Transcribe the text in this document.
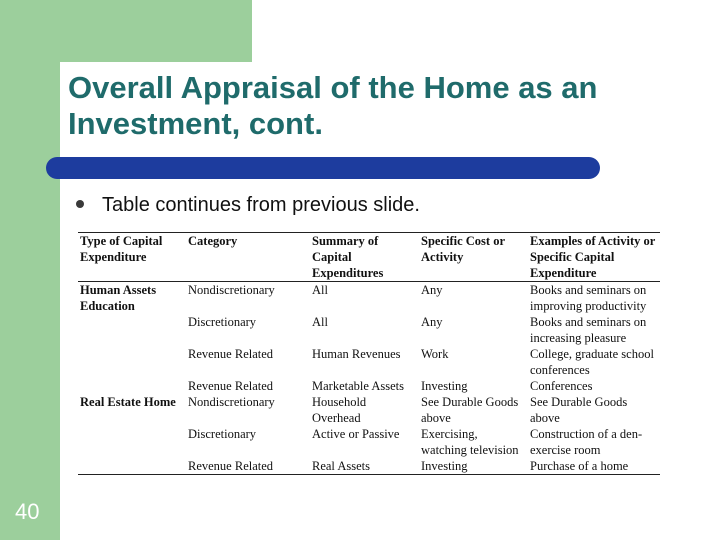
Overall Appraisal of the Home as an Investment, cont.
Table continues from previous slide.
Type of Capital Expenditure	Category	Summary of Capital Expenditures	Specific Cost or Activity	Examples of Activity or Specific Capital Expenditure
Human Assets Education	Nondiscretionary	All	Any	Books and seminars on improving productivity
	Discretionary	All	Any	Books and seminars on increasing pleasure
	Revenue Related	Human Revenues	Work	College, graduate school conferences
	Revenue Related	Marketable Assets	Investing	Conferences
Real Estate Home	Nondiscretionary	Household Overhead	See Durable Goods above	See Durable Goods above
	Discretionary	Active or Passive	Exercising, watching television	Construction of a den-exercise room
	Revenue Related	Real Assets	Investing	Purchase of a home
40
